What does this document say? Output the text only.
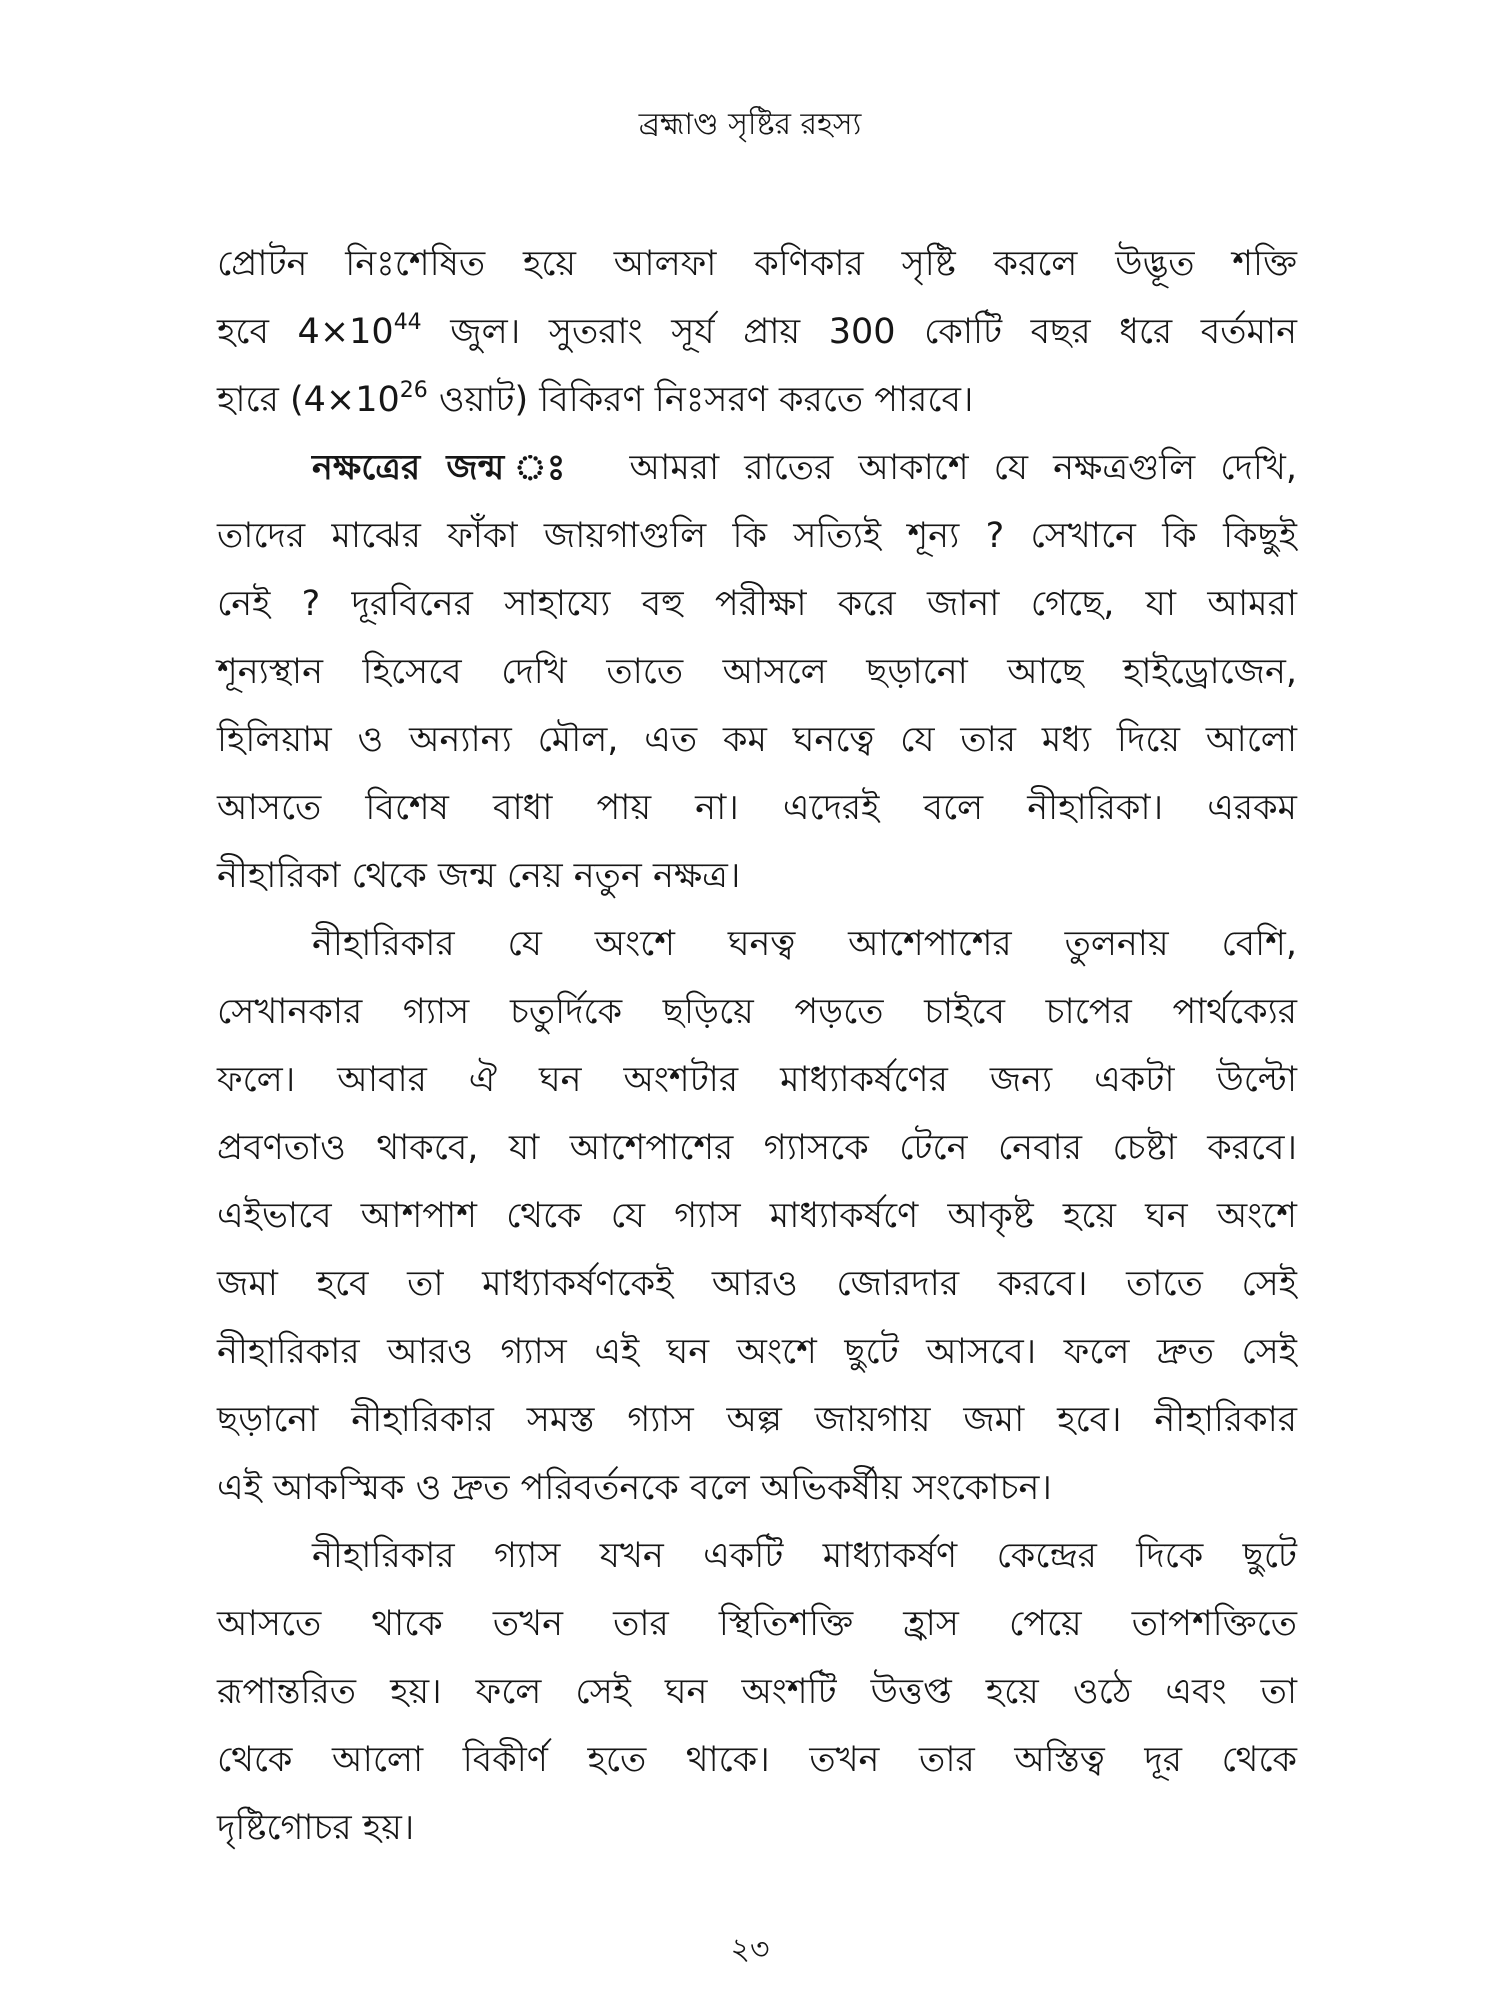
ব্রহ্মাণ্ড সৃষ্টির রহস্য
প্রোটন নিঃশেষিত হয়ে আলফা কণিকার সৃষ্টি করলে উদ্ভূত শক্তি
হবে $4\times 10^{44}$ জুল। সুতরাং সূর্য প্রায় 300 কোটি বছর ধরে বর্তমান
হারে ($4\times 10^{26}$ ওয়াট) বিকিরণ নিঃসরণ করতে পারবে।
নক্ষত্রের জন্ম ঃ  আমরা রাতের আকাশে যে নক্ষত্রগুলি দেখি,
তাদের মাঝের ফাঁকা জায়গাগুলি কি সত্যিই শূন্য ? সেখানে কি কিছুই
নেই ? দূরবিনের সাহায্যে বহু পরীক্ষা করে জানা গেছে, যা আমরা
শূন্যস্থান হিসেবে দেখি তাতে আসলে ছড়ানো আছে হাইড্রোজেন,
হিলিয়াম ও অন্যান্য মৌল, এত কম ঘনত্বে যে তার মধ্য দিয়ে আলো
আসতে বিশেষ বাধা পায় না। এদেরই বলে নীহারিকা। এরকম
নীহারিকা থেকে জন্ম নেয় নতুন নক্ষত্র।
নীহারিকার যে অংশে ঘনত্ব আশেপাশের তুলনায় বেশি,
সেখানকার গ্যাস চতুর্দিকে ছড়িয়ে পড়তে চাইবে চাপের পার্থক্যের
ফলে। আবার ঐ ঘন অংশটার মাধ্যাকর্ষণের জন্য একটা উল্টো
প্রবণতাও থাকবে, যা আশেপাশের গ্যাসকে টেনে নেবার চেষ্টা করবে।
এইভাবে আশপাশ থেকে যে গ্যাস মাধ্যাকর্ষণে আকৃষ্ট হয়ে ঘন অংশে
জমা হবে তা মাধ্যাকর্ষণকেই আরও জোরদার করবে। তাতে সেই
নীহারিকার আরও গ্যাস এই ঘন অংশে ছুটে আসবে। ফলে দ্রুত সেই
ছড়ানো নীহারিকার সমস্ত গ্যাস অল্প জায়গায় জমা হবে। নীহারিকার
এই আকস্মিক ও দ্রুত পরিবর্তনকে বলে অভিকর্ষীয় সংকোচন।
নীহারিকার গ্যাস যখন একটি মাধ্যাকর্ষণ কেন্দ্রের দিকে ছুটে
আসতে থাকে তখন তার স্থিতিশক্তি হ্রাস পেয়ে তাপশক্তিতে
রূপান্তরিত হয়। ফলে সেই ঘন অংশটি উত্তপ্ত হয়ে ওঠে এবং তা
থেকে আলো বিকীর্ণ হতে থাকে। তখন তার অস্তিত্ব দূর থেকে
দৃষ্টিগোচর হয়।
২৩
